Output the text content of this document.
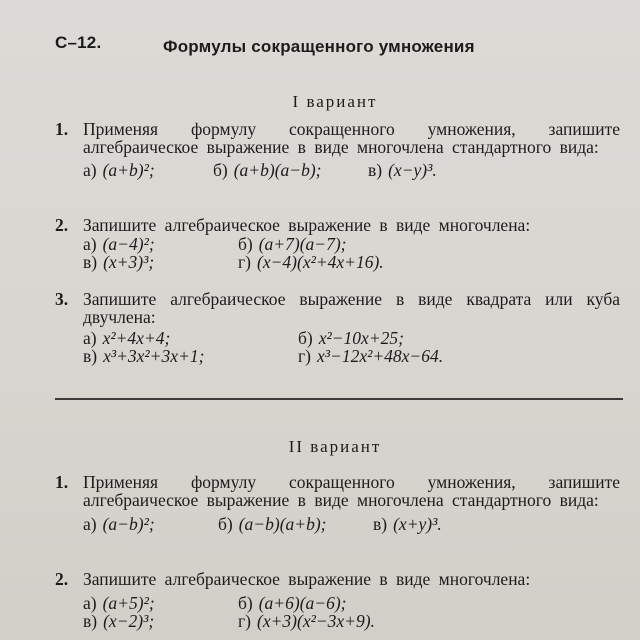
С–12.	Формулы сокращенного умножения
I вариант
1. Применяя формулу сокращенного умножения, запишите алгебраическое выражение в виде многочлена стандартного вида:
а) (a+b)²;	б) (a+b)(a−b);	в) (x−y)³.
2. Запишите алгебраическое выражение в виде многочлена:
а) (a−4)²;	б) (a+7)(a−7);
в) (x+3)³;	г) (x−4)(x²+4x+16).
3. Запишите алгебраическое выражение в виде квадрата или куба двучлена:
а) x²+4x+4;	б) x²−10x+25;
в) x³+3x²+3x+1;	г) x³−12x²+48x−64.
II вариант
1. Применяя формулу сокращенного умножения, запишите алгебраическое выражение в виде многочлена стандартного вида:
а) (a−b)²;	б) (a−b)(a+b);	в) (x+y)³.
2. Запишите алгебраическое выражение в виде многочлена:
а) (a+5)²;	б) (a+6)(a−6);
в) (x−2)³;	г) (x+3)(x²−3x+9).
